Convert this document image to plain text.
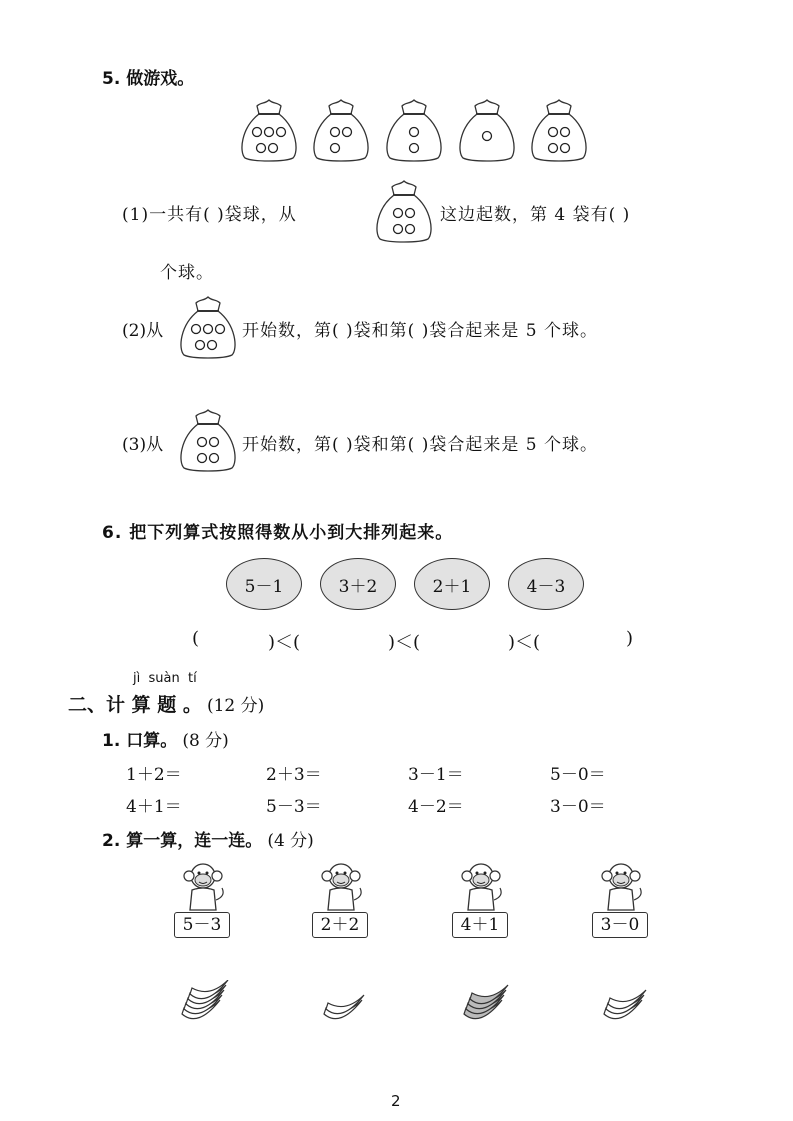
5. 做游戏。
(1)一共有( )袋球，从	这边起数，第 4 袋有( )
个球。
(2)从	开始数，第( )袋和第( )袋合起来是 5 个球。
(3)从	开始数，第( )袋和第( )袋合起来是 5 个球。
6. 把下列算式按照得数从小到大排列起来。
5－1	3＋2	2＋1	4－3
(	)＜(	)＜(	)＜(	)
jì  suàn  tí
二、计 算 题 。 (12 分)
1. 口算。 (8 分)
1＋2＝	2＋3＝	3－1＝	5－0＝
4＋1＝	5－3＝	4－2＝	3－0＝
2. 算一算，连一连。 (4 分)
5－3	2＋2	4＋1	3－0
2
